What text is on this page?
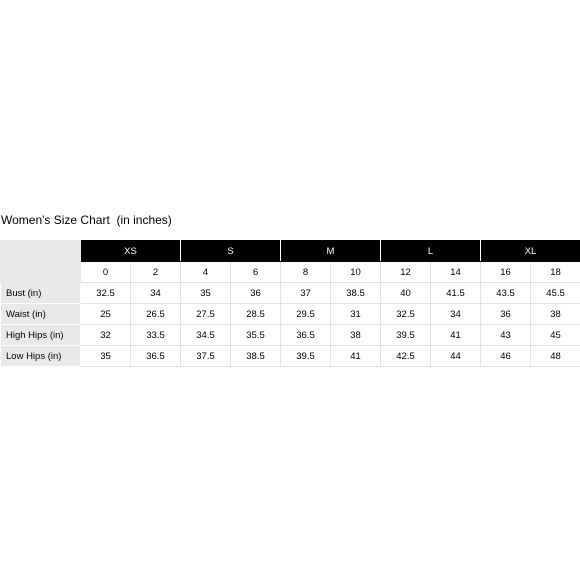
Women's Size Chart  (in inches)
	XS		S		M		L		XL	
	0	2	4	6	8	10	12	14	16	18
Bust (in)	32.5	34	35	36	37	38.5	40	41.5	43.5	45.5
Waist (in)	25	26.5	27.5	28.5	29.5	31	32.5	34	36	38
High Hips (in)	32	33.5	34.5	35.5	36.5	38	39.5	41	43	45
Low Hips (in)	35	36.5	37.5	38.5	39.5	41	42.5	44	46	48
